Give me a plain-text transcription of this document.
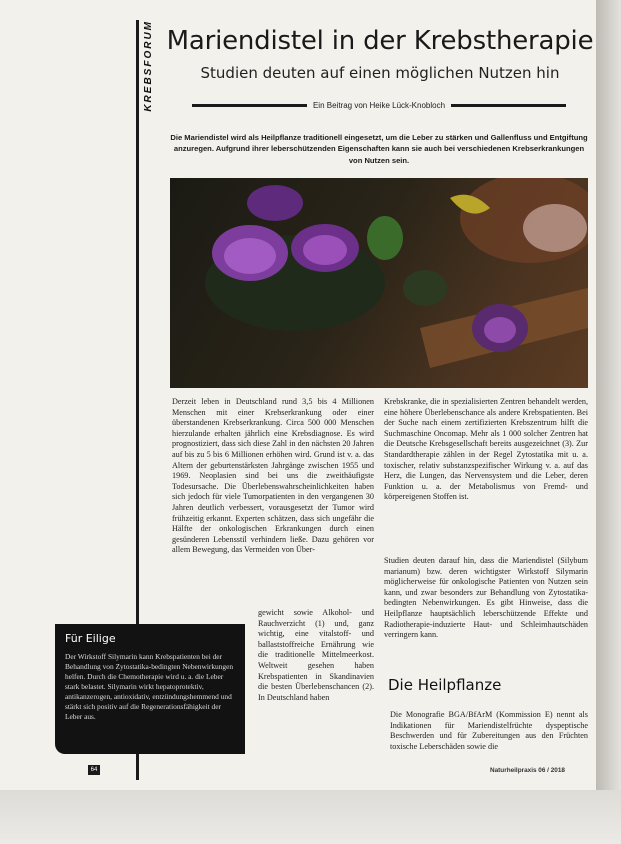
KREBSFORUM Mariendistel in der Krebstherapie
Studien deuten auf einen möglichen Nutzen hin
Ein Beitrag von Heike Lück-Knobloch
Die Mariendistel wird als Heilpflanze traditionell eingesetzt, um die Leber zu stärken und Gallenfluss und Entgiftung anzuregen. Aufgrund ihrer leberschützenden Eigenschaften kann sie auch bei verschiedenen Krebserkrankungen von Nutzen sein.

Derzeit leben in Deutschland rund 3,5 bis 4 Millionen Menschen mit einer Krebserkrankung oder einer überstandenen Krebserkrankung. Circa 500 000 Menschen hierzulande erhalten jährlich eine Krebsdiagnose. Es wird prognostiziert, dass sich diese Zahl in den nächsten 20 Jahren auf bis zu 5 bis 6 Millionen erhöhen wird. Grund ist v. a. das Altern der geburtenstärksten Jahrgänge zwischen 1955 und 1969. Neoplasien sind bei uns die zweithäufigste Todesursache. Die Überlebenswahrscheinlichkeiten haben sich jedoch für viele Tumorpatienten in den vergangenen 30 Jahren deutlich verbessert, vorausgesetzt der Tumor wird frühzeitig erkannt. Experten schätzen, dass sich ungefähr die Hälfte der onkologischen Erkrankungen durch einen gesünderen Lebensstil verhindern ließe. Dazu gehören vor allem Bewegung, das Vermeiden von Über-

gewicht sowie Alkohol- und Rauchverzicht (1) und, ganz wichtig, eine vitalstoff- und ballaststoffreiche Ernährung wie die traditionelle Mittelmeerkost. Weltweit gesehen haben Krebspatienten in Skandinavien die besten Überlebenschancen (2). In Deutschland haben

Krebskranke, die in spezialisierten Zentren behandelt werden, eine höhere Überlebenschance als andere Krebspatienten. Bei der Suche nach einem zertifizierten Krebszentrum hilft die Suchmaschine Oncomap. Mehr als 1 000 solcher Zentren hat die Deutsche Krebsgesellschaft bereits ausgezeichnet (3). Zur Standardtherapie zählen in der Regel Zytostatika mit u. a. toxischer, relativ substanzspezifischer Wirkung v. a. auf das Herz, die Lungen, das Nervensystem und die Leber, deren Funktion u. a. der Metabolismus von Fremd- und körpereigenen Stoffen ist.

Studien deuten darauf hin, dass die Mariendistel (Silybum marianum) bzw. deren wichtigster Wirkstoff Silymarin möglicherweise für onkologische Patienten von Nutzen sein kann, und zwar besonders zur Behandlung von Zytostatika-bedingten Nebenwirkungen. Es gibt Hinweise, dass die Heilpflanze hauptsächlich leberschützende Effekte und Radiotherapie-induzierte Haut- und Schleimhautschäden verringern kann.

Die Heilpflanze

Die Monografie BGA/BfArM (Kommission E) nennt als Indikationen für Mariendistelfrüchte dyspeptische Beschwerden und für Zubereitungen aus den Früchten toxische Leberschäden sowie die

Für Eilige
Der Wirkstoff Silymarin kann Krebspatienten bei der Behandlung von Zytostatika-bedingten Nebenwirkungen helfen. Durch die Chemotherapie wird u. a. die Leber stark belastet. Silymarin wirkt hepatoprotektiv, antikanzerogen, antioxidativ, entzündungshemmend und stärkt sich positiv auf die Regenerationsfähigkeit der Leber aus.
64	Naturheilpraxis 06 / 2018
